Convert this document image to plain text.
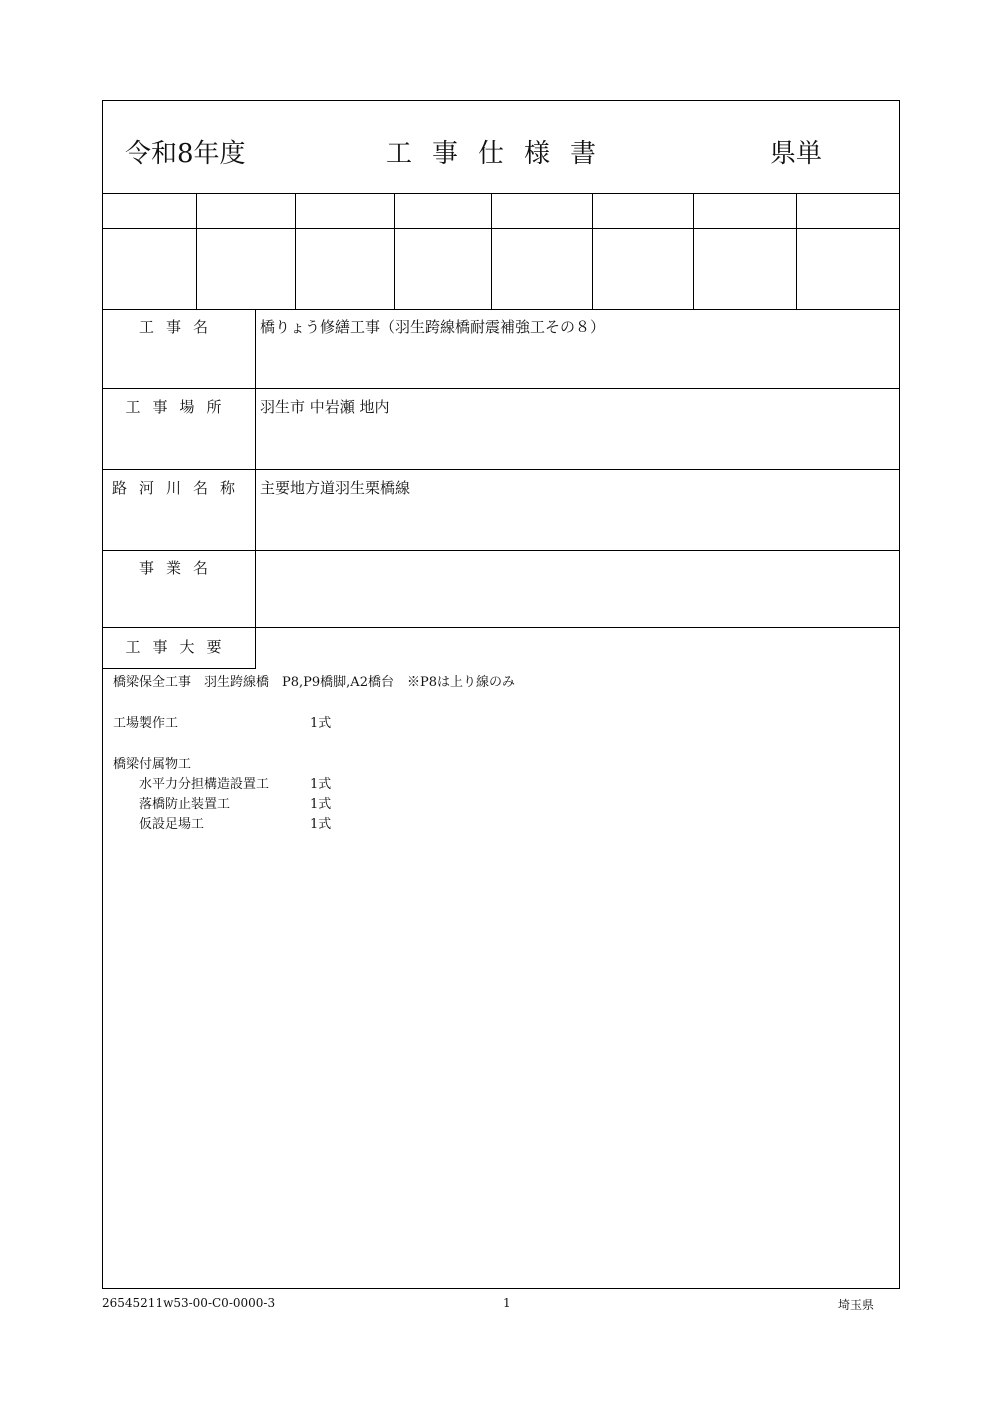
令和8年度	工事仕様書	県単
工事名	橋りょう修繕工事（羽生跨線橋耐震補強工その８）
工事場所	羽生市 中岩瀬 地内
路河川名称 主要地方道羽生栗橋線
事業名
工事大要
橋梁保全工事　羽生跨線橋　P8,P9橋脚,A2橋台　※P8は上り線のみ
工場製作工	1式
橋梁付属物工
　　水平力分担構造設置工	1式
　　落橋防止装置工	1式
　　仮設足場工	1式
26545211w53-00-C0-0000-3	1	埼玉県
